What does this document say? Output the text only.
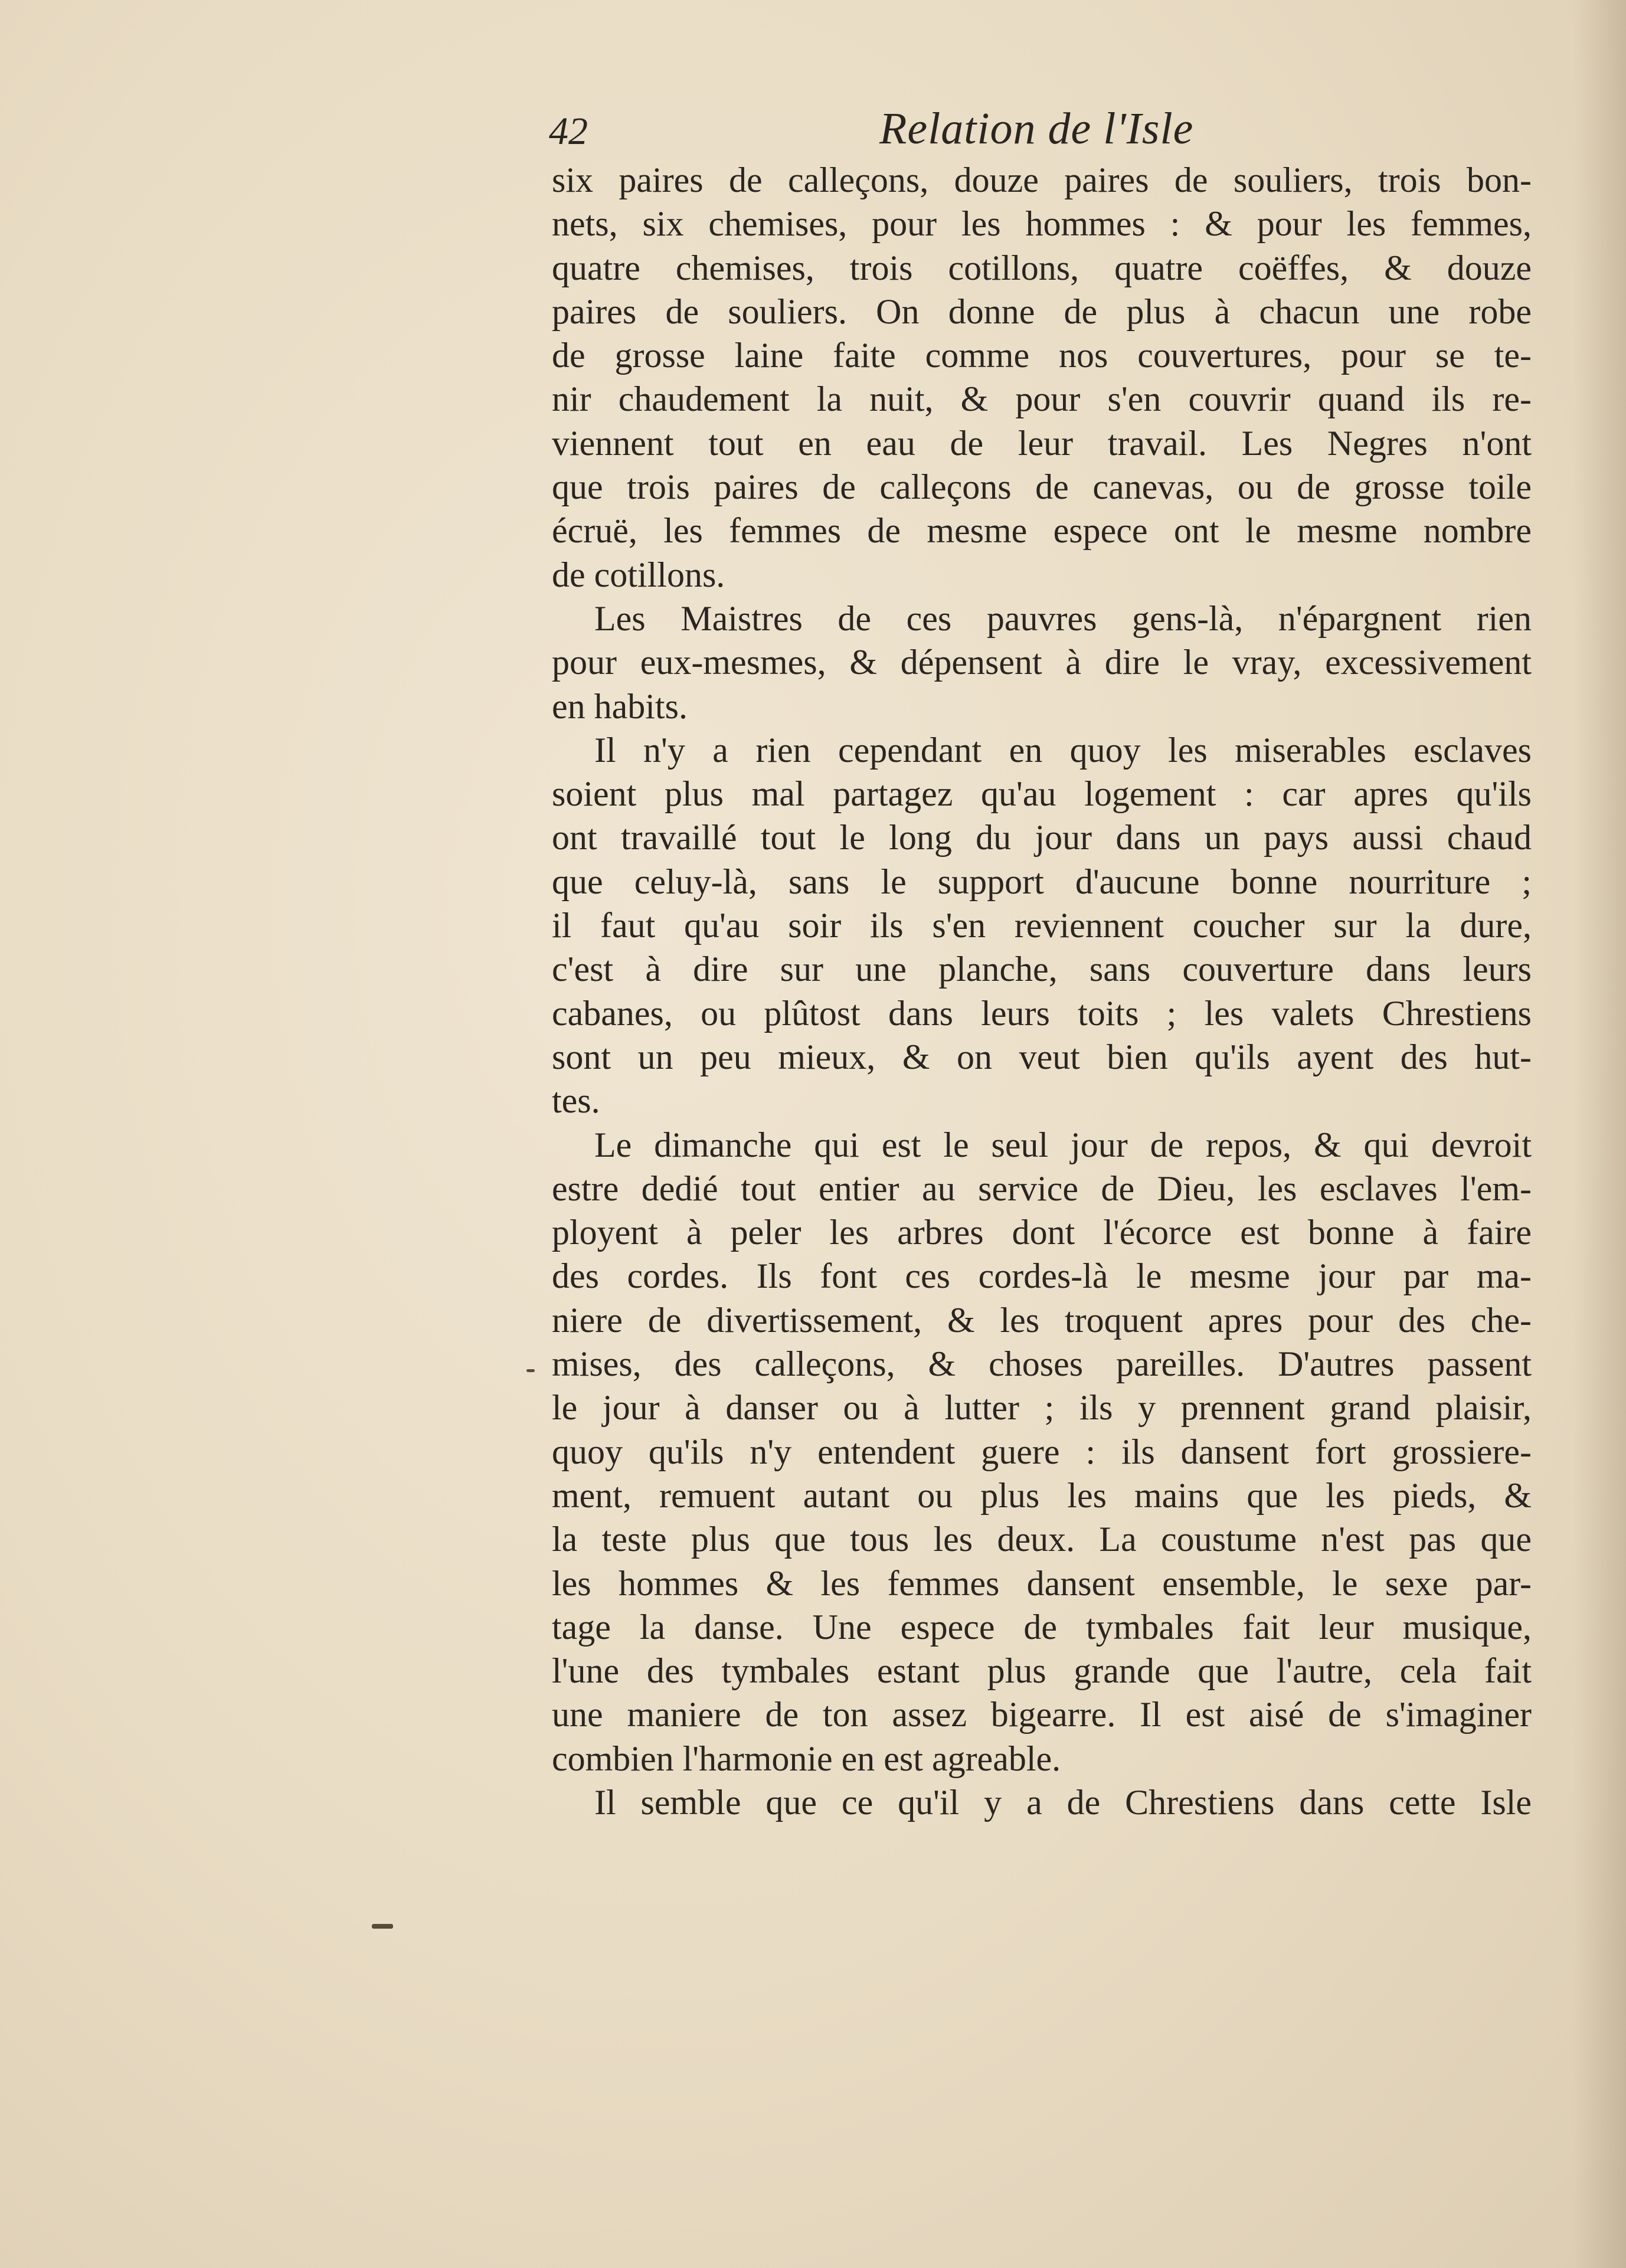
42	Relation de l'Isle
six paires de calleçons, douze paires de souliers, trois bon-
nets, six chemises, pour les hommes : & pour les femmes,
quatre chemises, trois cotillons, quatre coëffes, & douze
paires de souliers. On donne de plus à chacun une robe
de grosse laine faite comme nos couvertures, pour se te-
nir chaudement la nuit, & pour s'en couvrir quand ils re-
viennent tout en eau de leur travail. Les Negres n'ont
que trois paires de calleçons de canevas, ou de grosse toile
écruë, les femmes de mesme espece ont le mesme nombre
de cotillons.
Les Maistres de ces pauvres gens-là, n'épargnent rien
pour eux-mesmes, & dépensent à dire le vray, excessivement
en habits.
Il n'y a rien cependant en quoy les miserables esclaves
soient plus mal partagez qu'au logement : car apres qu'ils
ont travaillé tout le long du jour dans un pays aussi chaud
que celuy-là, sans le support d'aucune bonne nourriture ;
il faut qu'au soir ils s'en reviennent coucher sur la dure,
c'est à dire sur une planche, sans couverture dans leurs
cabanes, ou plûtost dans leurs toits ; les valets Chrestiens
sont un peu mieux, & on veut bien qu'ils ayent des hut-
tes.
Le dimanche qui est le seul jour de repos, & qui devroit
estre dedié tout entier au service de Dieu, les esclaves l'em-
ployent à peler les arbres dont l'écorce est bonne à faire
des cordes. Ils font ces cordes-là le mesme jour par ma-
niere de divertissement, & les troquent apres pour des che-
mises, des calleçons, & choses pareilles. D'autres passent
le jour à danser ou à lutter ; ils y prennent grand plaisir,
quoy qu'ils n'y entendent guere : ils dansent fort grossiere-
ment, remuent autant ou plus les mains que les pieds, &
la teste plus que tous les deux. La coustume n'est pas que
les hommes & les femmes dansent ensemble, le sexe par-
tage la danse. Une espece de tymbales fait leur musique,
l'une des tymbales estant plus grande que l'autre, cela fait
une maniere de ton assez bigearre. Il est aisé de s'imaginer
combien l'harmonie en est agreable.
Il semble que ce qu'il y a de Chrestiens dans cette Isle
